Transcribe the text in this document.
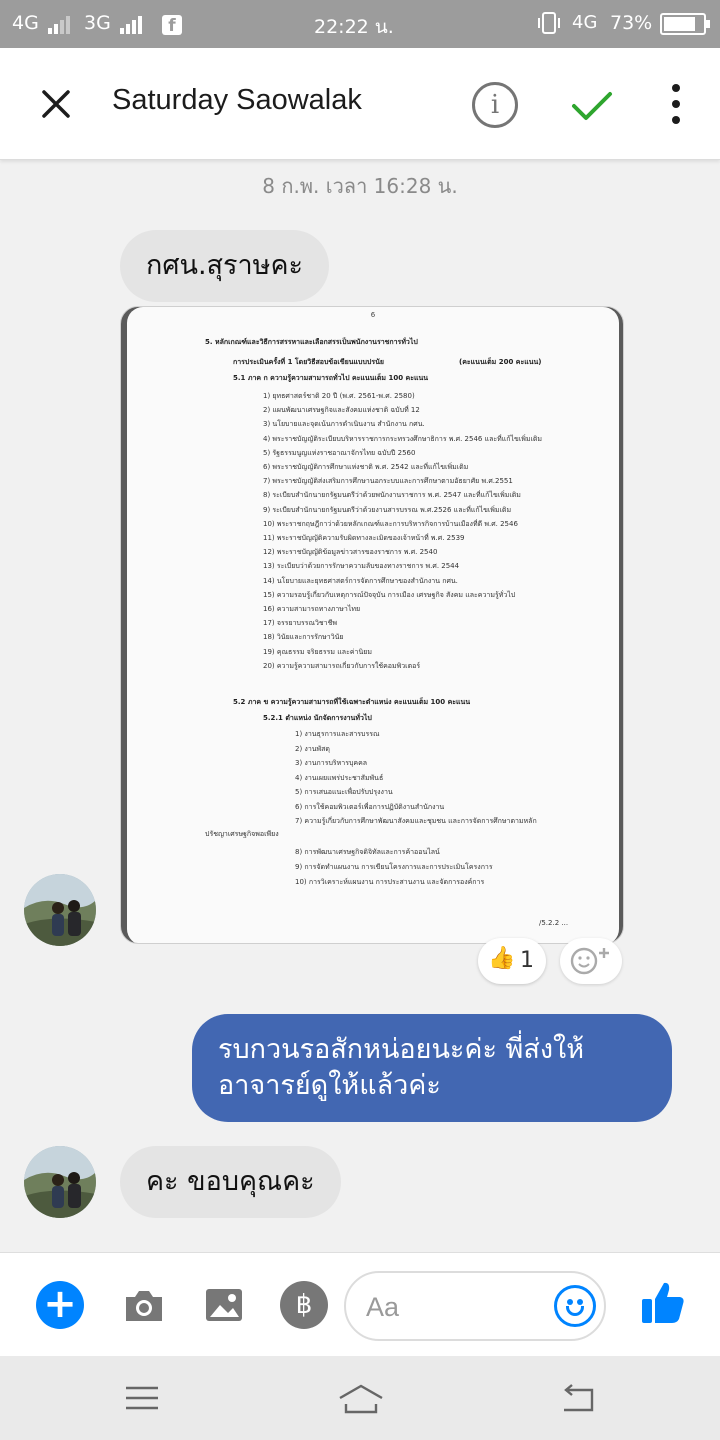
4G	3G	f	22:22 น.	4G 73%
Saturday Saowalak	i
8 ก.พ. เวลา 16:28 น.
กศน.สุราษคะ
6
5. หลักเกณฑ์และวิธีการสรรหาและเลือกสรรเป็นพนักงานราชการทั่วไป
การประเมินครั้งที่ 1 โดยวิธีสอบข้อเขียนแบบปรนัย	(คะแนนเต็ม 200 คะแนน)
5.1 ภาค ก ความรู้ความสามารถทั่วไป คะแนนเต็ม 100 คะแนน
1) ยุทธศาสตร์ชาติ 20 ปี (พ.ศ. 2561-พ.ศ. 2580)
2) แผนพัฒนาเศรษฐกิจและสังคมแห่งชาติ ฉบับที่ 12
3) นโยบายและจุดเน้นการดำเนินงาน สำนักงาน กศน.
4) พระราชบัญญัติระเบียบบริหารราชการกระทรวงศึกษาธิการ พ.ศ. 2546 และที่แก้ไขเพิ่มเติม
5) รัฐธรรมนูญแห่งราชอาณาจักรไทย ฉบับปี 2560
6) พระราชบัญญัติการศึกษาแห่งชาติ พ.ศ. 2542 และที่แก้ไขเพิ่มเติม
7) พระราชบัญญัติส่งเสริมการศึกษานอกระบบและการศึกษาตามอัธยาศัย พ.ศ.2551
8) ระเบียบสำนักนายกรัฐมนตรีว่าด้วยพนักงานราชการ พ.ศ. 2547 และที่แก้ไขเพิ่มเติม
9) ระเบียบสำนักนายกรัฐมนตรีว่าด้วยงานสารบรรณ พ.ศ.2526 และที่แก้ไขเพิ่มเติม
10) พระราชกฤษฎีกาว่าด้วยหลักเกณฑ์และการบริหารกิจการบ้านเมืองที่ดี พ.ศ. 2546
11) พระราชบัญญัติความรับผิดทางละเมิดของเจ้าหน้าที่ พ.ศ. 2539
12) พระราชบัญญัติข้อมูลข่าวสารของราชการ พ.ศ. 2540
13) ระเบียบว่าด้วยการรักษาความลับของทางราชการ พ.ศ. 2544
14) นโยบายและยุทธศาสตร์การจัดการศึกษาของสำนักงาน กศน.
15) ความรอบรู้เกี่ยวกับเหตุการณ์ปัจจุบัน การเมือง เศรษฐกิจ สังคม และความรู้ทั่วไป
16) ความสามารถทางภาษาไทย
17) จรรยาบรรณวิชาชีพ
18) วินัยและการรักษาวินัย
19) คุณธรรม จริยธรรม และค่านิยม
20) ความรู้ความสามารถเกี่ยวกับการใช้คอมพิวเตอร์
5.2 ภาค ข ความรู้ความสามารถที่ใช้เฉพาะตำแหน่ง คะแนนเต็ม 100 คะแนน
5.2.1 ตำแหน่ง นักจัดการงานทั่วไป
1) งานธุรการและสารบรรณ
2) งานพัสดุ
3) งานการบริหารบุคคล
4) งานเผยแพร่ประชาสัมพันธ์
5) การเสนอแนะเพื่อปรับปรุงงาน
6) การใช้คอมพิวเตอร์เพื่อการปฏิบัติงานสำนักงาน
7) ความรู้เกี่ยวกับการศึกษาพัฒนาสังคมและชุมชน และการจัดการศึกษาตามหลัก
ปรัชญาเศรษฐกิจพอเพียง
8) การพัฒนาเศรษฐกิจดิจิทัลและการค้าออนไลน์
9) การจัดทำแผนงาน การเขียนโครงการและการประเมินโครงการ
10) การวิเคราะห์แผนงาน การประสานงาน และจัดการองค์การ
/5.2.2 ...
👍 1
รบกวนรอสักหน่อยนะค่ะ พี่ส่งให้อาจารย์ดูให้แล้วค่ะ
คะ ขอบคุณคะ
+	฿
Aa
